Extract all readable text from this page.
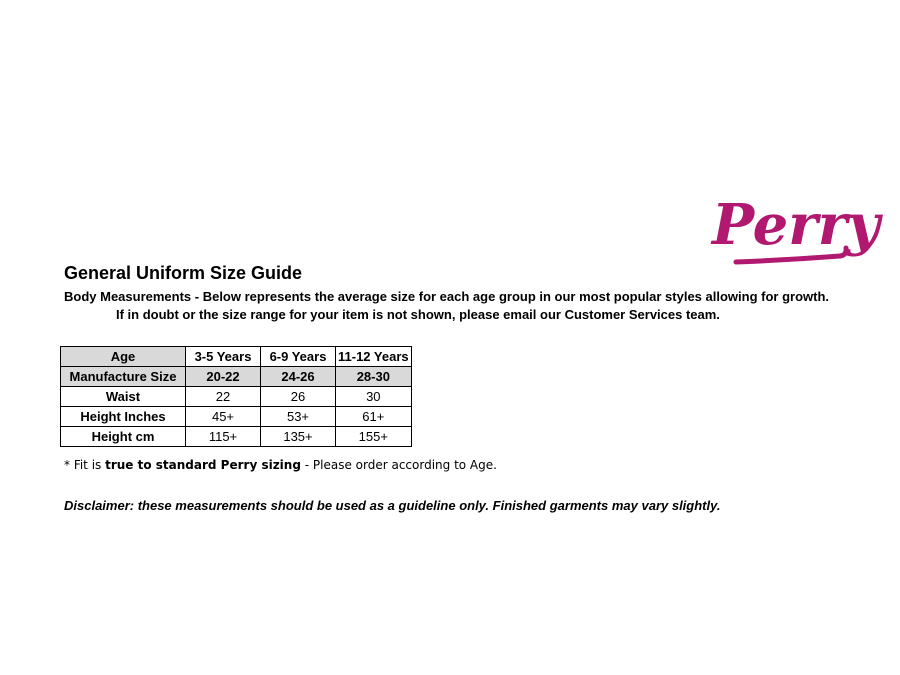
Perry
General Uniform Size Guide
Body Measurements - Below represents the average size for each age group in our most popular styles allowing for growth.
If in doubt or the size range for your item is not shown, please email our Customer Services team.
Age	3-5 Years	6-9 Years	11-12 Years
Manufacture Size	20-22	24-26	28-30
Waist	22	26	30
Height Inches	45+	53+	61+
Height cm	115+	135+	155+
* Fit is true to standard Perry sizing - Please order according to Age.
Disclaimer: these measurements should be used as a guideline only. Finished garments may vary slightly.
